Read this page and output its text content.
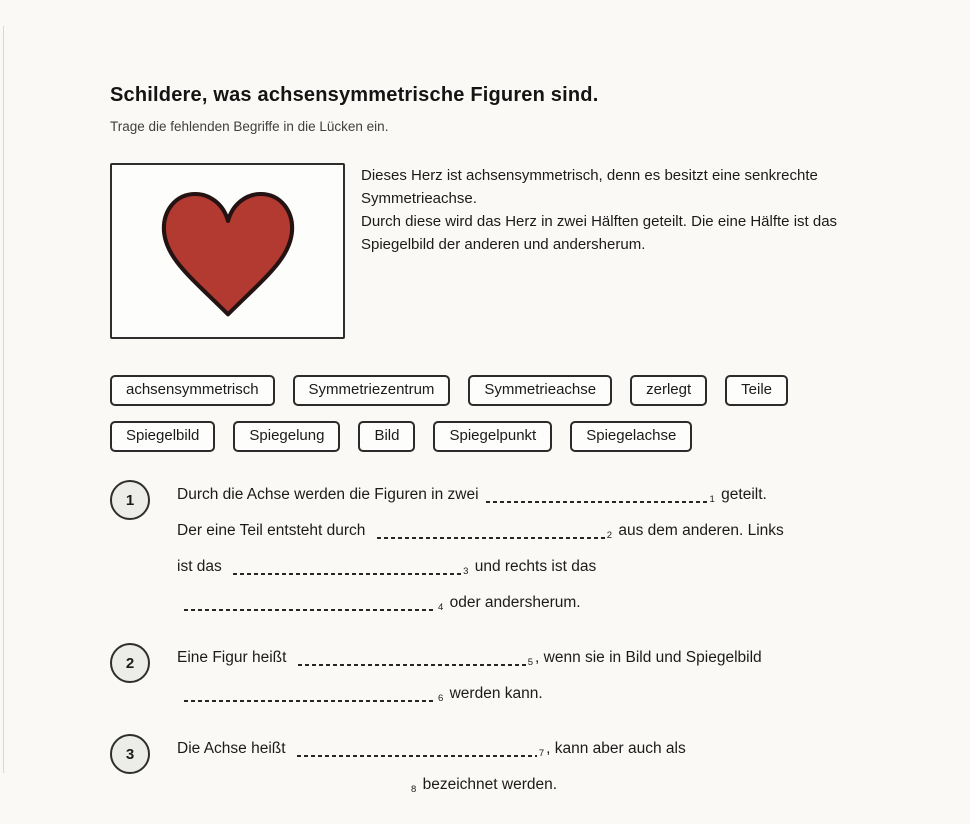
Schildere, was achsensymmetrische Figuren sind.

Trage die fehlenden Begriffe in die Lücken ein.

Dieses Herz ist achsensymmetrisch, denn es besitzt eine senkrechte
Symmetrieachse.
Durch diese wird das Herz in zwei Hälften geteilt. Die eine Hälfte ist das
Spiegelbild der anderen und andersherum.
achsensymmetrisch	Symmetriezentrum	Symmetrieachse	zerlegt	Teile
Spiegelbild	Spiegelung	Bild	Spiegelpunkt	Spiegelachse
1	Durch die Achse werden die Figuren in zwei	1 geteilt.
Der eine Teil entsteht durch	2 aus dem anderen. Links
ist das	3 und rechts ist das
4 oder andersherum.
2	Eine Figur heißt	5 , wenn sie in Bild und Spiegelbild
6 werden kann.
3	Die Achse heißt	7 , kann aber auch als
8 bezeichnet werden.
